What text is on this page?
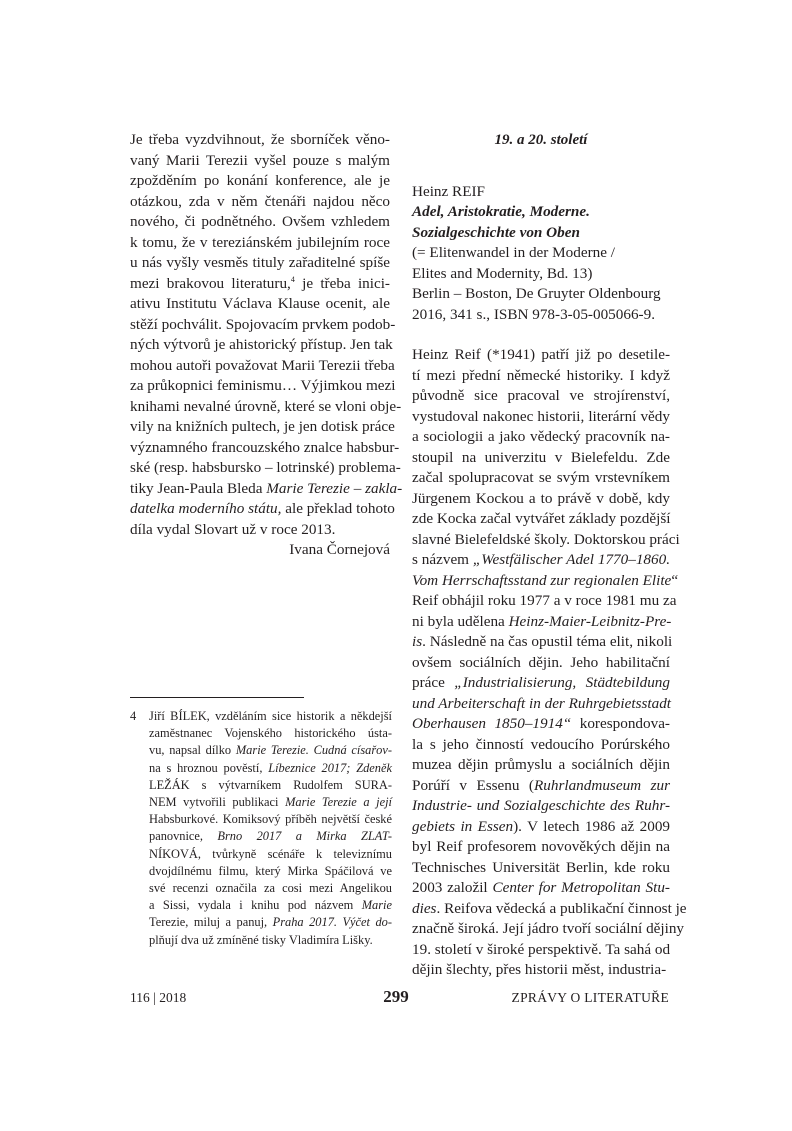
Je třeba vyzdvihnout, že sborníček věno-
vaný Marii Terezii vyšel pouze s malým
zpožděním po konání konference, ale je
otázkou, zda v něm čtenáři najdou něco
nového, či podnětného. Ovšem vzhledem
k tomu, že v tereziánském jubilejním roce
u nás vyšly vesměs tituly zařaditelné spíše
mezi brakovou literaturu,$^4$ je třeba inici-
ativu Institutu Václava Klause ocenit, ale
stěží pochválit. Spojovacím prvkem podob-
ných výtvorů je ahistorický přístup. Jen tak
mohou autoři považovat Marii Terezii třeba
za průkopnici feminismu… Výjimkou mezi
knihami nevalné úrovně, které se vloni obje-
vily na knižních pultech, je jen dotisk práce
významného francouzského znalce habsbur-
ské (resp. habsbursko – lotrinské) problema-
tiky Jean-Paula Bleda Marie Terezie – zakla-
datelka moderního státu, ale překlad tohoto
díla vydal Slovart už v roce 2013.
Ivana Čornejová
4 Jiří BÍLEK, vzděláním sice historik a někdejší
zaměstnanec Vojenského historického ústa-
vu, napsal dílko Marie Terezie. Cudná císařov-
na s hroznou pověstí, Líbeznice 2017; Zdeněk
LEŽÁK s výtvarníkem Rudolfem SURA-
NEM vytvořili publikaci Marie Terezie a její
Habsburkové. Komiksový příběh největší české
panovnice, Brno 2017 a Mirka ZLAT-
NÍKOVÁ, tvůrkyně scénáře k televiznímu
dvojdílnému filmu, který Mirka Spáčilová ve
své recenzi označila za cosi mezi Angelikou
a Sissi, vydala i knihu pod názvem Marie
Terezie, miluj a panuj, Praha 2017. Výčet do-
plňují dva už zmíněné tisky Vladimíra Lišky.
19. a 20. století
Heinz REIF
Adel, Aristokratie, Moderne.
Sozialgeschichte von Oben
(= Elitenwandel in der Moderne /
Elites and Modernity, Bd. 13)
Berlin – Boston, De Gruyter Oldenbourg
2016, 341 s., ISBN 978-3-05-005066-9.
Heinz Reif (*1941) patří již po desetile-
tí mezi přední německé historiky. I když
původně sice pracoval ve strojírenství,
vystudoval nakonec historii, literární vědy
a sociologii a jako vědecký pracovník na-
stoupil na univerzitu v Bielefeldu. Zde
začal spolupracovat se svým vrstevníkem
Jürgenem Kockou a to právě v době, kdy
zde Kocka začal vytvářet základy pozdější
slavné Bielefeldské školy. Doktorskou práci
s názvem „Westfälischer Adel 1770–1860.
Vom Herrschaftsstand zur regionalen Elite“
Reif obhájil roku 1977 a v roce 1981 mu za
ni byla udělena Heinz-Maier-Leibnitz-Pre-
is. Následně na čas opustil téma elit, nikoli
ovšem sociálních dějin. Jeho habilitační
práce „Industrialisierung, Städtebildung
und Arbeiterschaft in der Ruhrgebietsstadt
Oberhausen 1850–1914“ korespondova-
la s jeho činností vedoucího Porúrského
muzea dějin průmyslu a sociálních dějin
Porúří v Essenu (Ruhrlandmuseum zur
Industrie- und Sozialgeschichte des Ruhr-
gebiets in Essen). V letech 1986 až 2009
byl Reif profesorem novověkých dějin na
Technisches Universität Berlin, kde roku
2003 založil Center for Metropolitan Stu-
dies. Reifova vědecká a publikační činnost je
značně široká. Její jádro tvoří sociální dějiny
19. století v široké perspektivě. Ta sahá od
dějin šlechty, přes historii měst, industria-
116 | 2018	299	ZPRÁVY O LITERATUŘE
